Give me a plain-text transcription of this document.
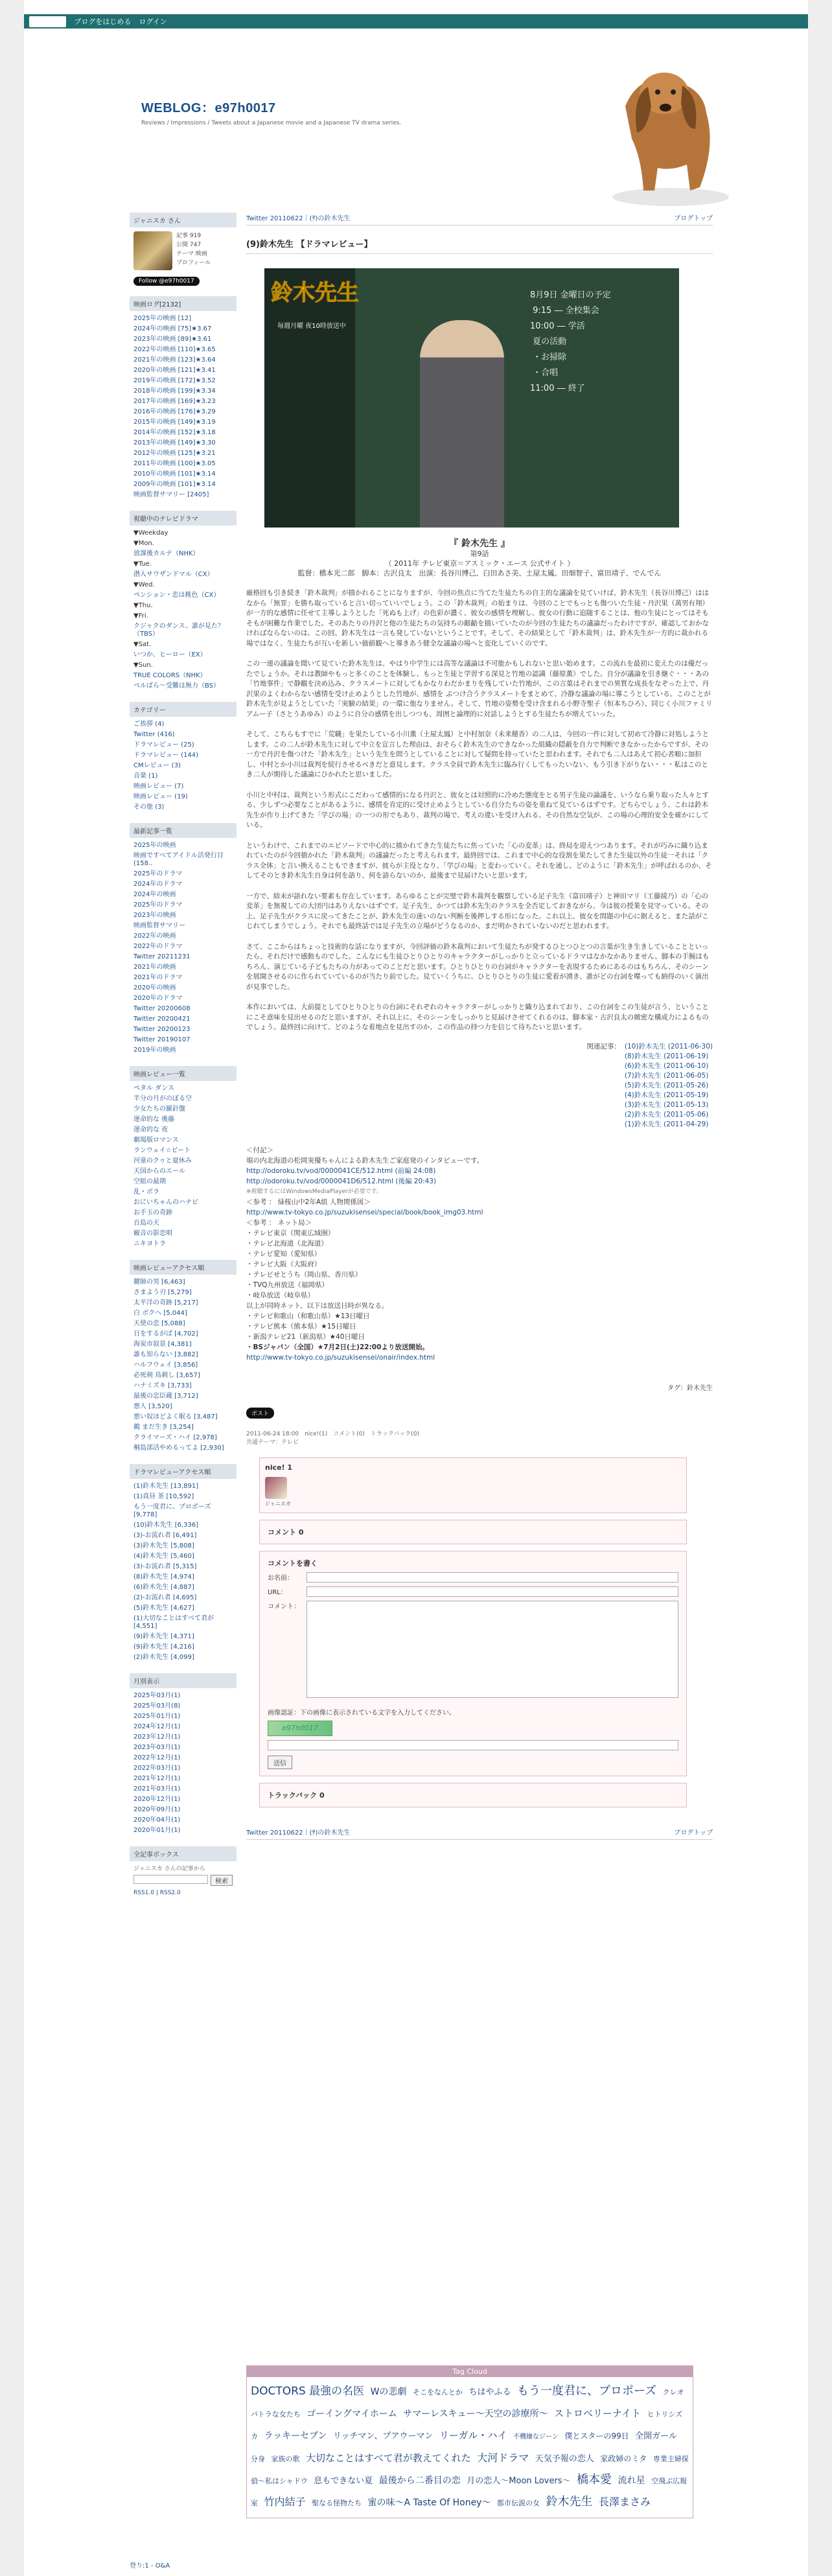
55ブログ	ブログをはじめる ログイン
WEBLOG：e97h0017
Reviews / Impressions / Tweets about a Japanese movie and a Japanese TV drama series.
ジャニスカ さん
記事 919
公開 747
テーマ 映画
プロフィール
Follow @e97h0017
映画ログ[2132]
2025年の映画 [12]
2024年の映画 [75]★3.67
2023年の映画 [89]★3.61
2022年の映画 [110]★3.65
2021年の映画 [123]★3.64
2020年の映画 [121]★3.41
2019年の映画 [172]★3.52
2018年の映画 [199]★3.34
2017年の映画 [169]★3.23
2016年の映画 [176]★3.29
2015年の映画 [149]★3.19
2014年の映画 [152]★3.18
2013年の映画 [149]★3.30
2012年の映画 [125]★3.21
2011年の映画 [100]★3.05
2010年の映画 [101]★3.14
2009年の映画 [101]★3.14
映画監督サマリー [2405]
視聴中のテレビドラマ
▼Weekday
▼Mon.
放課後カルテ（NHK）
▼Tue.
潜入サウザンドマル（CX）
▼Wed.
ペンション・恋は桃色（CX）
▼Thu.
▼Fri.
クジャクのダンス、誰が見た？（TBS）
▼Sat.
いつか、ヒーロー（EX）
▼Sun.
TRUE COLORS（NHK）
ベルばら～受難は無力（BS）
カテゴリー
ご挨拶 (4)
Twitter (416)
ドラマレビュー (25)
ドラマレビュー (144)
CMレビュー (3)
音楽 (1)
映画レビュー (7)
映画レビュー (19)
その他 (3)
最新記事一覧
2025年の映画
映画ですべてアイドル活発行目(158..
2025年のドラマ
2024年のドラマ
2024年の映画
2025年のドラマ
2023年の映画
映画監督サマリー
2022年の映画
2022年のドラマ
Twitter 20211231
2021年の映画
2021年のドラマ
2020年の映画
2020年のドラマ
Twitter 20200608
Twitter 20200421
Twitter 20200123
Twitter 20190107
2019年の映画
映画レビュー一覧
ペタル ダンス
半分の月がのぼる空
少女たちの羅針盤
運命的な 後藤
運命的な 夜
劇場版ロマンス
ランウェイ☆ビート
河童のクゥと夏休み
天国からのエール
空組の最期
乱・ボラ
おにいちゃんのハナビ
お手玉の奇跡
百島の天
観音の影恋唄
ニキヨトラ
映画レビューアクセス順
鍵師の男 [6,463]
さまよう刃 [5,279]
太平洋の奇跡 [5,217]
白 ボクへ [5,044]
天使の恋 [5,088]
日をするがば [4,702]
海炭市叙景 [4,381]
誰も知らない [3,882]
ハルフウェイ [3,856]
必死剣 鳥刺し [3,657]
ハナミズキ [3,733]
最後の忠臣蔵 [3,712]
悪人 [3,520]
悪い奴ほどよく眠る [3,487]
鵜 まだ生き [3,254]
クライマーズ・ハイ [2,978]
桐島部活やめるってよ [2,930]
ドラマレビューアクセス順
(1)鈴木先生 [13,891]
(1)真昼 茶 [10,592]
もう一度君に、プロポーズ [9,778]
(10)鈴木先生 [6,336]
(3)-お流れ者 [6,491]
(3)鈴木先生 [5,808]
(4)鈴木先生 [5,460]
(3)-お流れ者 [5,315]
(8)鈴木先生 [4,974]
(6)鈴木先生 [4,887]
(2)-お流れ者 [4,695]
(5)鈴木先生 [4,627]
(1)大切なことはすべて君が [4,551]
(9)鈴木先生 [4,371]
(9)鈴木先生 [4,216]
(2)鈴木先生 [4,099]
月別表示
2025年03月(1)
2025年03月(8)
2025年01月(1)
2024年12月(1)
2023年12月(1)
2023年03月(1)
2022年12月(1)
2022年03月(1)
2021年12月(1)
2021年03月(1)
2020年12月(1)
2020年09月(1)
2020年04月(1)
2020年01月(1)
全記事ボックス
ジャニスカ さんの記事から
検索
RSS1.0 | RSS2.0
Twitter 20110622｜(ｻ)の鈴木先生	ブログトップ
(9)鈴木先生 【ドラマレビュー】
8月9日 金曜日の予定
9:15 ― 全校集会
10:00 ― 学活
夏の活動
・お掃除
・合唱
11:00 ― 終了
鈴木先生
毎週月曜 夜10時放送中
『 鈴木先生 』
第9話
（ 2011年 テレビ東京＝アスミック・エース 公式サイト ）
監督：橋本光二郎　脚本：古沢良太　出演：長谷川博己、臼田あさ美、土屋太鳳、田畑智子、富田靖子、でんでん

厳格回も引き続き「鈴木裁判」が描かれることになりますが、今回の焦点に当てた生徒たちの自主的な議論を見ていけば、鈴木先生（長谷川博己）ははなから「無罪」を勝ち取っていると言い切っていいでしょう。この「鈴木裁判」の始まりは、今回のことでもっとも傷ついた生徒・丹沢果（萬男有翔）が一方的な感情に任せて主導しようとした「死ぬも上げ」の色彩が濃く、彼女の感情を理解し、彼女の行動に追随することは、他の生徒にとってはそもそもが困難な作業でした。そのあたりの丹沢と他の生徒たちの気持ちの齟齬を描いていたのが今回の生徒たちの議論だったわけですが、確認しておかなければならないのは、この回、鈴木先生は一言も発していないということです。そして、その結果として「鈴木裁判」は、鈴木先生が一方的に裁かれる場ではなく、生徒たちが互いを新しい価値観へと導きあう健全な議論の場へと変化していくのです。

この一連の議論を聞いて見ていた鈴木先生は、やはり中学生には高等な議論は不可能かもしれないと思い始めます。この流れを最初に変えたのは優だったでしょうか。それは教師やもっと多くのことを体験し、もっと生徒と学習する深見と竹地の認識（藤原薫）でした。自分が議論を引き継ぐ・・・あの「竹地事件」で静観を決め込み、クラスメートに対してもかなりわだかまりを残していた竹地が、この言葉はそれまでの異質な成長をなぞった上で、丹沢果のよくわからない感情を受け止めようとした竹地が、感情を ぶつけ合うクラスメートをまとめて、冷静な議論の場に導こうとしている。このことが鈴木先生が見ようとしていた「実験の結果」の一環に他なりません。そして、竹地の姿勢を受け含まれる小野寺聖子（恒本ちひろ）、同じく小川ファミリアムー子（さとうあゆみ）のように自分の感情を出しつつも、周囲と論理的に対話しようとする生徒たちが増えていった。

そして、こちらもすでに「荒職」を果たしている小川薫（土屋太鳳）と中村加奈（未来穂香）の二人は、今回の一件に対して初めて冷静に対処しようとします。この二人が鈴木先生に対して中立を宣言した理由は、おそらく鈴木先生のできなかった組織の隠蔽を自力で判断できなかったからですが、その一方で丹沢を傷つけた「鈴木先生」という先生を問うとしていることに対して疑問を持っていたと思われます。それでも二人はあえて初心者順に加担し、中村とか小川は裁判を続行させるべきだと意見します。クラス全員で鈴木先生に臨み行くしてもったいない、もう引き下がりない・・・私はこのとき二人が期待した議論にひかれたと思いました。

小川と中村は、裁判という形式にこだわって感情的になる丹沢と、彼女とは対照的に冷めた態度をとる男子生徒の論議を、いうなら乗り取った人々とする、少しずつ必要なことがあるように、感情を肯定的に受け止めようとしている自分たちの姿を重ねて見ているはずです。どちらでしょう、これは鈴木先生が作り上げてきた「学びの場」の一つの形でもあり、裁判の場で、考えの違いを受け入れる、その自然な空気が、この場の心理的安全を確かにしている。

というわけで、これまでのエピソードで中心的に描かれてきた生徒たちに焦っていた「心の変革」は、終局を迎えつつあります。それが巧みに織り込まれていたのが今回描かれた「鈴木裁判」の議論だったと考えられます。最終回では、これまで中心的な役割を果たしてきた生徒以外の生徒一それは「クラス全体」と言い換えることもできますが、彼らが主役となり、「学びの場」と変わっていく。それを通し、どのように「鈴木先生」が呼ばれるのか、そしてそのとき鈴木先生自身は何を語り、何を語らないのか、最後まで見届けたいと思います。

一方で、結末が語れない要素も存在しています。あらゆることが完璧で鈴木裁判を観察している足子先生（富田靖子）と神田マリ（工藤綾乃）の「心の変革」を無視しての大団円はありえないはずです。足子先生、かつては鈴木先生のクラスを全否定しておきながら、今は彼の授業を見守っている。その上、足子先生がクラスに戻ってきたことが、鈴木先生の迷いのない判断を後押しする形になった。これ以上、彼女を問題の中心に据えると、また話がこじれてしまうでしょう。それでも最終話では足子先生の立場がどうなるのか、まだ明かされていないのだと思われます。

さて、ここからはちょっと技術的な話になりますが、今回評価の鈴木裁判において生徒たちが発するひとつひとつの言葉が生き生きしていることといったら、それだけで感動ものでした。こんなにも生徒ひとりひとりのキャラクターがしっかりと立っているドラマはなかなかありません。脚本の手腕はもちろん、演じている子どもたちの力があってのことだと思います。ひとりひとりの台詞がキャラクターを表現するためにあるのはもちろん、そのシーンを展開させるのに作られていているのが当たり前でした。見ていくうちに、ひとりひとりの生徒に愛着が湧き、誰がどの台詞を喋っても納得のいく演出が見事でした。

本作においては、大前提としてひとりひとりの台詞にそれぞれのキャラクターがしっかりと織り込まれており、この台詞をこの生徒が言う、ということにこそ意味を見出せるのだと思いますが、それ以上に、そのシーンをしっかりと見届けさせてくれるのは、脚本家・古沢良太の緻密な構成力によるものでしょう。最終回に向けて、どのような着地点を見出すのか、この作品の持つ力を信じて待ちたいと思います。

関連記事： (10)鈴木先生 (2011-06-30)
(8)鈴木先生 (2011-06-19)
(6)鈴木先生 (2011-06-10)
(7)鈴木先生 (2011-06-05)
(5)鈴木先生 (2011-05-26)
(4)鈴木先生 (2011-05-19)
(3)鈴木先生 (2011-05-13)
(2)鈴木先生 (2011-05-06)
(1)鈴木先生 (2011-04-29)
＜付記＞
堀の内北海道の松岡実優ちゃんによる鈴木先生ご家庭発のインタビューです。
http://odoroku.tv/vod/0000041CE/512.html (前編 24:08)
http://odoroku.tv/vod/0000041D6/512.html (後編 20:43)
※視聴するにはWindowsMediaPlayerが必要です。
＜参考 ： 緑桜山中2年A組 人物関係図＞
http://www.tv-tokyo.co.jp/suzukisensei/special/book/book_img03.html
＜参考 ： ネット局＞
・テレビ東京（関東広域圏）
・テレビ北海道（北海道）
・テレビ愛知（愛知県）
・テレビ大阪（大阪府）
・テレビせとうち（岡山県、香川県）
・TVQ九州放送（福岡県）
・岐阜放送（岐阜県）
以上が同時ネット、以下は放送日時が異なる。
・テレビ和歌山（和歌山県）★13日曜日
・テレビ熊本（熊本県）★15日曜日
・新潟テレビ21（新潟県）★40日曜日
・BSジャパン（全国）★7月2日(土)22:00より放送開始。
http://www.tv-tokyo.co.jp/suzukisensei/onair/index.html
タグ：鈴木先生
ポスト
2011-06-24 18:00　nice!(1)　コメント(0)　トラックバック(0)
共通テーマ：テレビ
nice! 1
ジャニスカ
コメント 0
コメントを書く
お名前：
URL：
コメント：
画像認証：下の画像に表示されている文字を入力してください。
e97h0017
送信
トラックバック 0
Twitter 20110622｜(ｻ)の鈴木先生	ブログトップ
Tag Cloud
DOCTORS 最強の名医 Wの悲劇 そこをなんとか ちはやふる もう一度君に、プロポーズ クレオパトラな女たち ゴーイングマイホーム サマーレスキュー～天空の診療所～ ストロベリーナイト ヒトリシズカ ラッキーセブン リッチマン、プアウーマン リーガル・ハイ 不機嫌なジーン 僕とスターの99日 全開ガール 分身 家族の歌 大切なことはすべて君が教えてくれた 大河ドラマ 天気予報の恋人 家政婦のミタ 専業主婦探偵～私はシャドウ 息もできない夏 最後から二番目の恋 月の恋人～Moon Lovers～ 橋本愛 流れ星 空飛ぶ広報室 竹内結子 聖なる怪物たち 蜜の味～A Taste Of Honey～ 都市伝説の女 鈴木先生 長澤まさみ
登り:1 - O&A
